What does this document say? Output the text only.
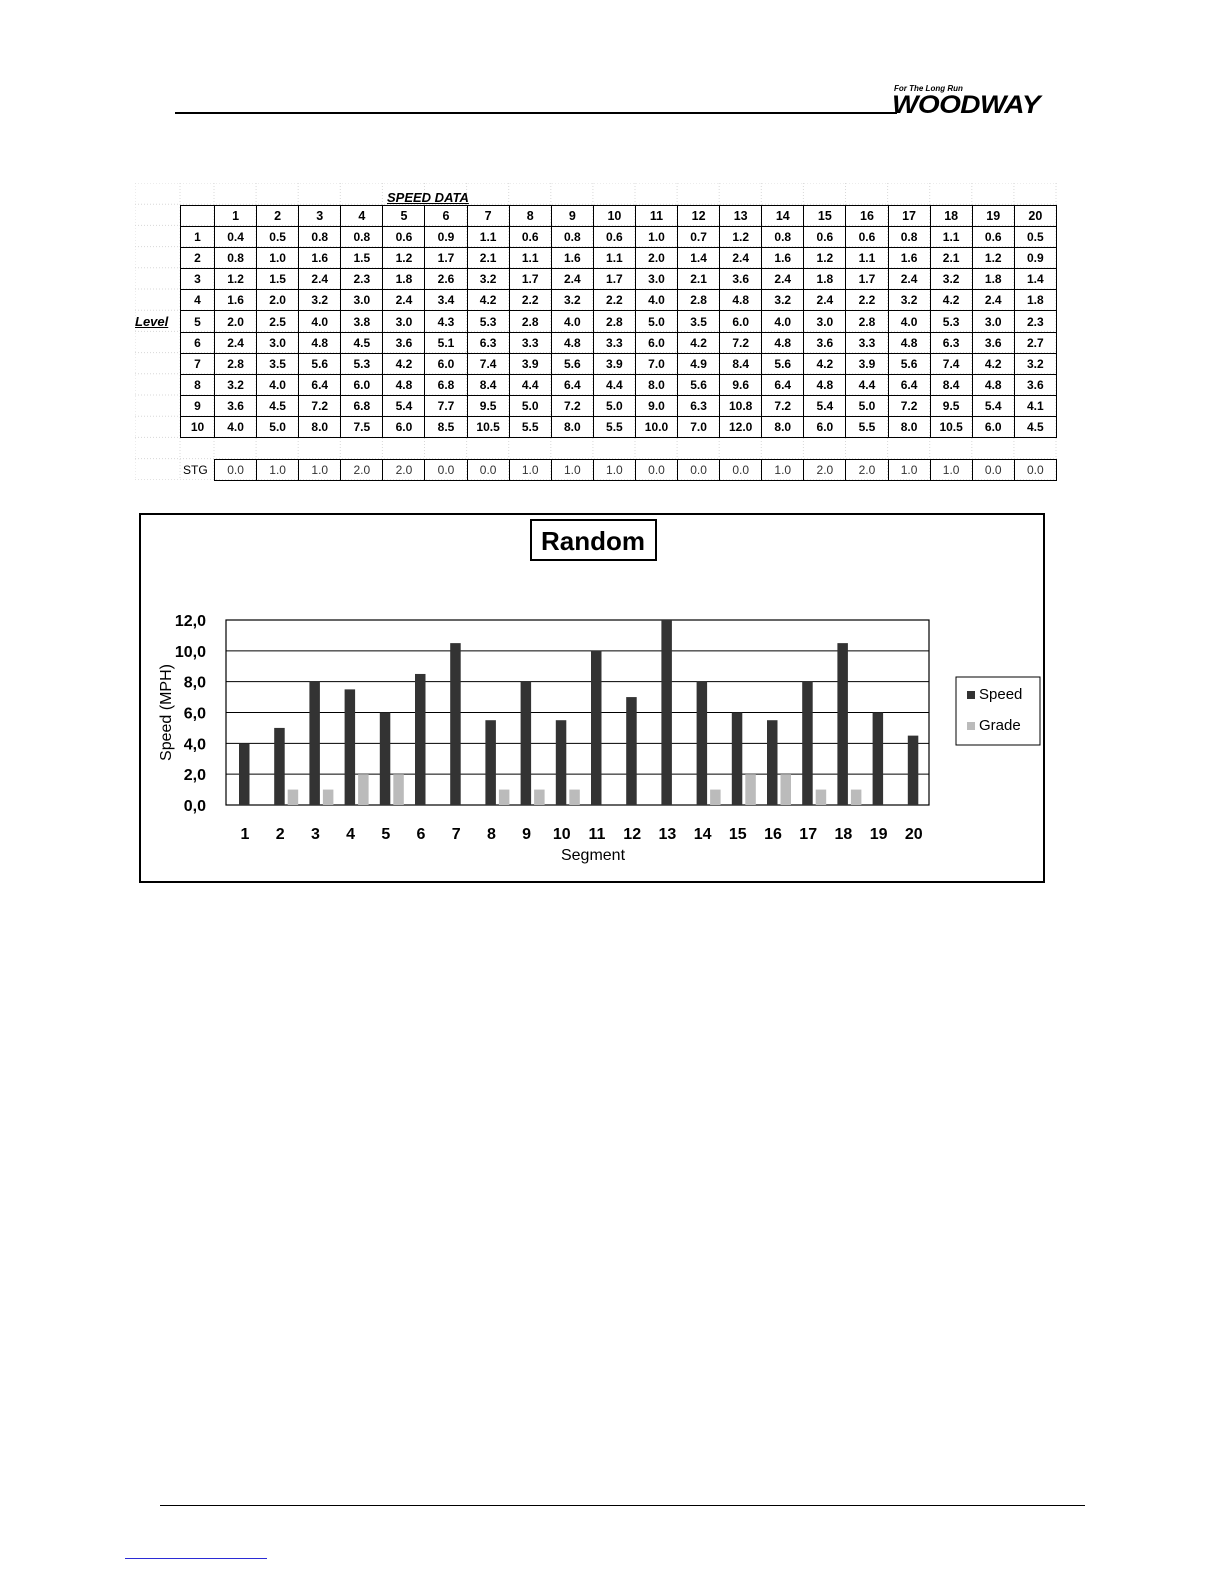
For The Long Run
WOODWAY
SPEED DATA
Level
	1	2	3	4	5	6	7	8	9	10	11	12	13	14	15	16	17	18	19	20
1	0.4	0.5	0.8	0.8	0.6	0.9	1.1	0.6	0.8	0.6	1.0	0.7	1.2	0.8	0.6	0.6	0.8	1.1	0.6	0.5
2	0.8	1.0	1.6	1.5	1.2	1.7	2.1	1.1	1.6	1.1	2.0	1.4	2.4	1.6	1.2	1.1	1.6	2.1	1.2	0.9
3	1.2	1.5	2.4	2.3	1.8	2.6	3.2	1.7	2.4	1.7	3.0	2.1	3.6	2.4	1.8	1.7	2.4	3.2	1.8	1.4
4	1.6	2.0	3.2	3.0	2.4	3.4	4.2	2.2	3.2	2.2	4.0	2.8	4.8	3.2	2.4	2.2	3.2	4.2	2.4	1.8
5	2.0	2.5	4.0	3.8	3.0	4.3	5.3	2.8	4.0	2.8	5.0	3.5	6.0	4.0	3.0	2.8	4.0	5.3	3.0	2.3
6	2.4	3.0	4.8	4.5	3.6	5.1	6.3	3.3	4.8	3.3	6.0	4.2	7.2	4.8	3.6	3.3	4.8	6.3	3.6	2.7
7	2.8	3.5	5.6	5.3	4.2	6.0	7.4	3.9	5.6	3.9	7.0	4.9	8.4	5.6	4.2	3.9	5.6	7.4	4.2	3.2
8	3.2	4.0	6.4	6.0	4.8	6.8	8.4	4.4	6.4	4.4	8.0	5.6	9.6	6.4	4.8	4.4	6.4	8.4	4.8	3.6
9	3.6	4.5	7.2	6.8	5.4	7.7	9.5	5.0	7.2	5.0	9.0	6.3	10.8	7.2	5.4	5.0	7.2	9.5	5.4	4.1
10	4.0	5.0	8.0	7.5	6.0	8.5	10.5	5.5	8.0	5.5	10.0	7.0	12.0	8.0	6.0	5.5	8.0	10.5	6.0	4.5
STG 0.0	1.0	1.0	2.0	2.0	0.0	0.0	1.0	1.0	1.0	0.0	0.0	0.0	1.0	2.0	2.0	1.0	1.0	0.0	0.0
Random
0,0
2,0
4,0
6,0
8,0
10,0
12,0
Speed (MPH)
1 2 3 4 5 6 7 8 9 10 11 12 13 14 15 16 17 18 19 20
Segment
Speed
Grade
